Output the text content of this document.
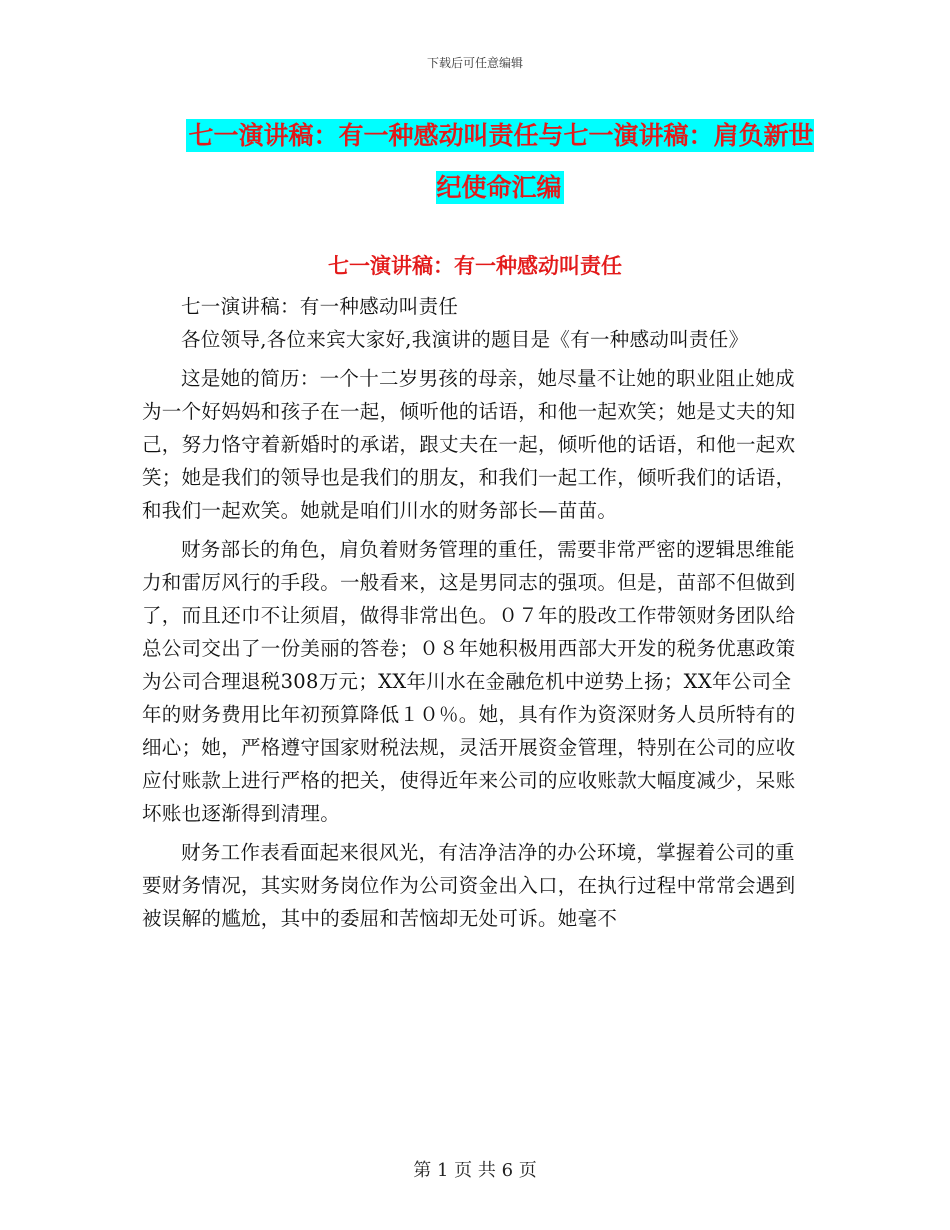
下载后可任意编辑
七一演讲稿：有一种感动叫责任与七一演讲稿：肩负新世纪使命汇编
七一演讲稿：有一种感动叫责任

七一演讲稿：有一种感动叫责任

各位领导,各位来宾大家好,我演讲的题目是《有一种感动叫责任》

这是她的简历：一个十二岁男孩的母亲，她尽量不让她的职业阻止她成为一个好妈妈和孩子在一起，倾听他的话语，和他一起欢笑；她是丈夫的知己，努力恪守着新婚时的承诺，跟丈夫在一起，倾听他的话语，和他一起欢笑；她是我们的领导也是我们的朋友，和我们一起工作，倾听我们的话语，和我们一起欢笑。她就是咱们川水的财务部长—苗苗。

财务部长的角色，肩负着财务管理的重任，需要非常严密的逻辑思维能力和雷厉风行的手段。一般看来，这是男同志的强项。但是，苗部不但做到了，而且还巾不让须眉，做得非常出色。０７年的股改工作带领财务团队给总公司交出了一份美丽的答卷；０８年她积极用西部大开发的税务优惠政策为公司合理退税308万元；XX年川水在金融危机中逆势上扬；XX年公司全年的财务费用比年初预算降低１０％。她，具有作为资深财务人员所特有的细心；她，严格遵守国家财税法规，灵活开展资金管理，特别在公司的应收应付账款上进行严格的把关，使得近年来公司的应收账款大幅度减少，呆账坏账也逐渐得到清理。

财务工作表看面起来很风光，有洁净洁净的办公环境，掌握着公司的重要财务情况，其实财务岗位作为公司资金出入口，在执行过程中常常会遇到被误解的尴尬，其中的委屈和苦恼却无处可诉。她毫不

第 1 页 共 6 页
